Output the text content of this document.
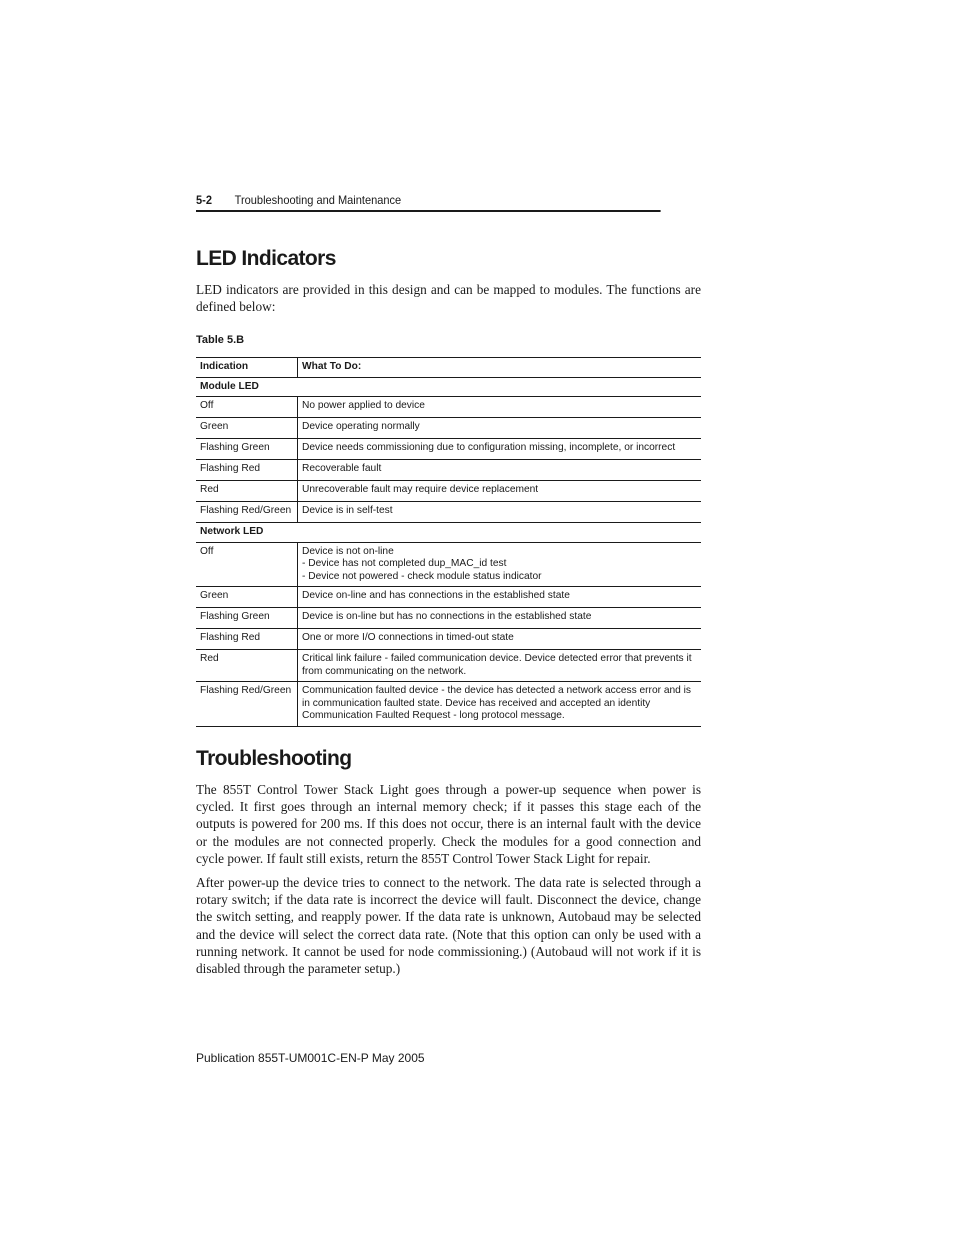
5-2 Troubleshooting and Maintenance
LED Indicators

LED indicators are provided in this design and can be mapped to modules. The functions are defined below:

Table 5.B

Indication	What To Do:
Module LED	
Off	No power applied to device
Green	Device operating normally
Flashing Green	Device needs commissioning due to configuration missing, incomplete, or incorrect
Flashing Red	Recoverable fault
Red	Unrecoverable fault may require device replacement
Flashing Red/Green	Device is in self-test
Network LED	
Off	Device is not on-line
- Device has not completed dup_MAC_id test
- Device not powered - check module status indicator
Green	Device on-line and has connections in the established state
Flashing Green	Device is on-line but has no connections in the established state
Flashing Red	One or more I/O connections in timed-out state
Red	Critical link failure - failed communication device. Device detected error that prevents it from communicating on the network.
Flashing Red/Green	Communication faulted device - the device has detected a network access error and is in communication faulted state. Device has received and accepted an identity Communication Faulted Request - long protocol message.
Troubleshooting

The 855T Control Tower Stack Light goes through a power-up sequence when power is cycled. It first goes through an internal memory check; if it passes this stage each of the outputs is powered for 200 ms. If this does not occur, there is an internal fault with the device or the modules are not connected properly. Check the modules for a good connection and cycle power. If fault still exists, return the 855T Control Tower Stack Light for repair.

After power-up the device tries to connect to the network. The data rate is selected through a rotary switch; if the data rate is incorrect the device will fault. Disconnect the device, change the switch setting, and reapply power. If the data rate is unknown, Autobaud may be selected and the device will select the correct data rate. (Note that this option can only be used with a running network. It cannot be used for node commissioning.) (Autobaud will not work if it is disabled through the parameter setup.)

Publication 855T-UM001C-EN-P May 2005
